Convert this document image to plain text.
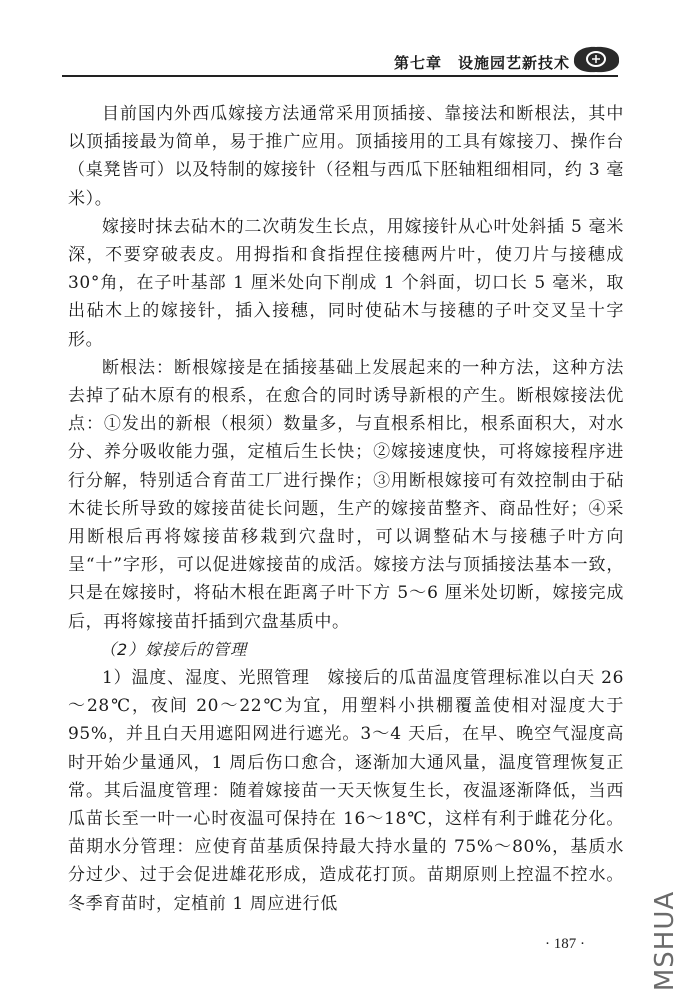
第七章　设施园艺新技术

目前国内外西瓜嫁接方法通常采用顶插接、靠接法和断根法，其中以顶插接最为简单，易于推广应用。顶插接用的工具有嫁接刀、操作台（桌凳皆可）以及特制的嫁接针（径粗与西瓜下胚轴粗细相同，约 3 毫米）。

嫁接时抹去砧木的二次萌发生长点，用嫁接针从心叶处斜插 5 毫米深，不要穿破表皮。用拇指和食指捏住接穗两片叶，使刀片与接穗成 30°角，在子叶基部 1 厘米处向下削成 1 个斜面，切口长 5 毫米，取出砧木上的嫁接针，插入接穗，同时使砧木与接穗的子叶交叉呈十字形。

断根法：断根嫁接是在插接基础上发展起来的一种方法，这种方法去掉了砧木原有的根系，在愈合的同时诱导新根的产生。断根嫁接法优点：①发出的新根（根须）数量多，与直根系相比，根系面积大，对水分、养分吸收能力强，定植后生长快；②嫁接速度快，可将嫁接程序进行分解，特别适合育苗工厂进行操作；③用断根嫁接可有效控制由于砧木徒长所导致的嫁接苗徒长问题，生产的嫁接苗整齐、商品性好；④采用断根后再将嫁接苗移栽到穴盘时，可以调整砧木与接穗子叶方向呈“十”字形，可以促进嫁接苗的成活。嫁接方法与顶插接法基本一致，只是在嫁接时，将砧木根在距离子叶下方 5～6 厘米处切断，嫁接完成后，再将嫁接苗扦插到穴盘基质中。

（2）嫁接后的管理

1）温度、湿度、光照管理　嫁接后的瓜苗温度管理标准以白天 26～28℃，夜间 20～22℃为宜，用塑料小拱棚覆盖使相对湿度大于 95%，并且白天用遮阳网进行遮光。3～4 天后，在早、晚空气湿度高时开始少量通风，1 周后伤口愈合，逐渐加大通风量，温度管理恢复正常。其后温度管理：随着嫁接苗一天天恢复生长，夜温逐渐降低，当西瓜苗长至一叶一心时夜温可保持在 16～18℃，这样有利于雌花分化。苗期水分管理：应使育苗基质保持最大持水量的 75%～80%，基质水分过少、过于会促进雄花形成，造成花打顶。苗期原则上控温不控水。冬季育苗时，定植前 1 周应进行低

· 187 ·	MSHUA
